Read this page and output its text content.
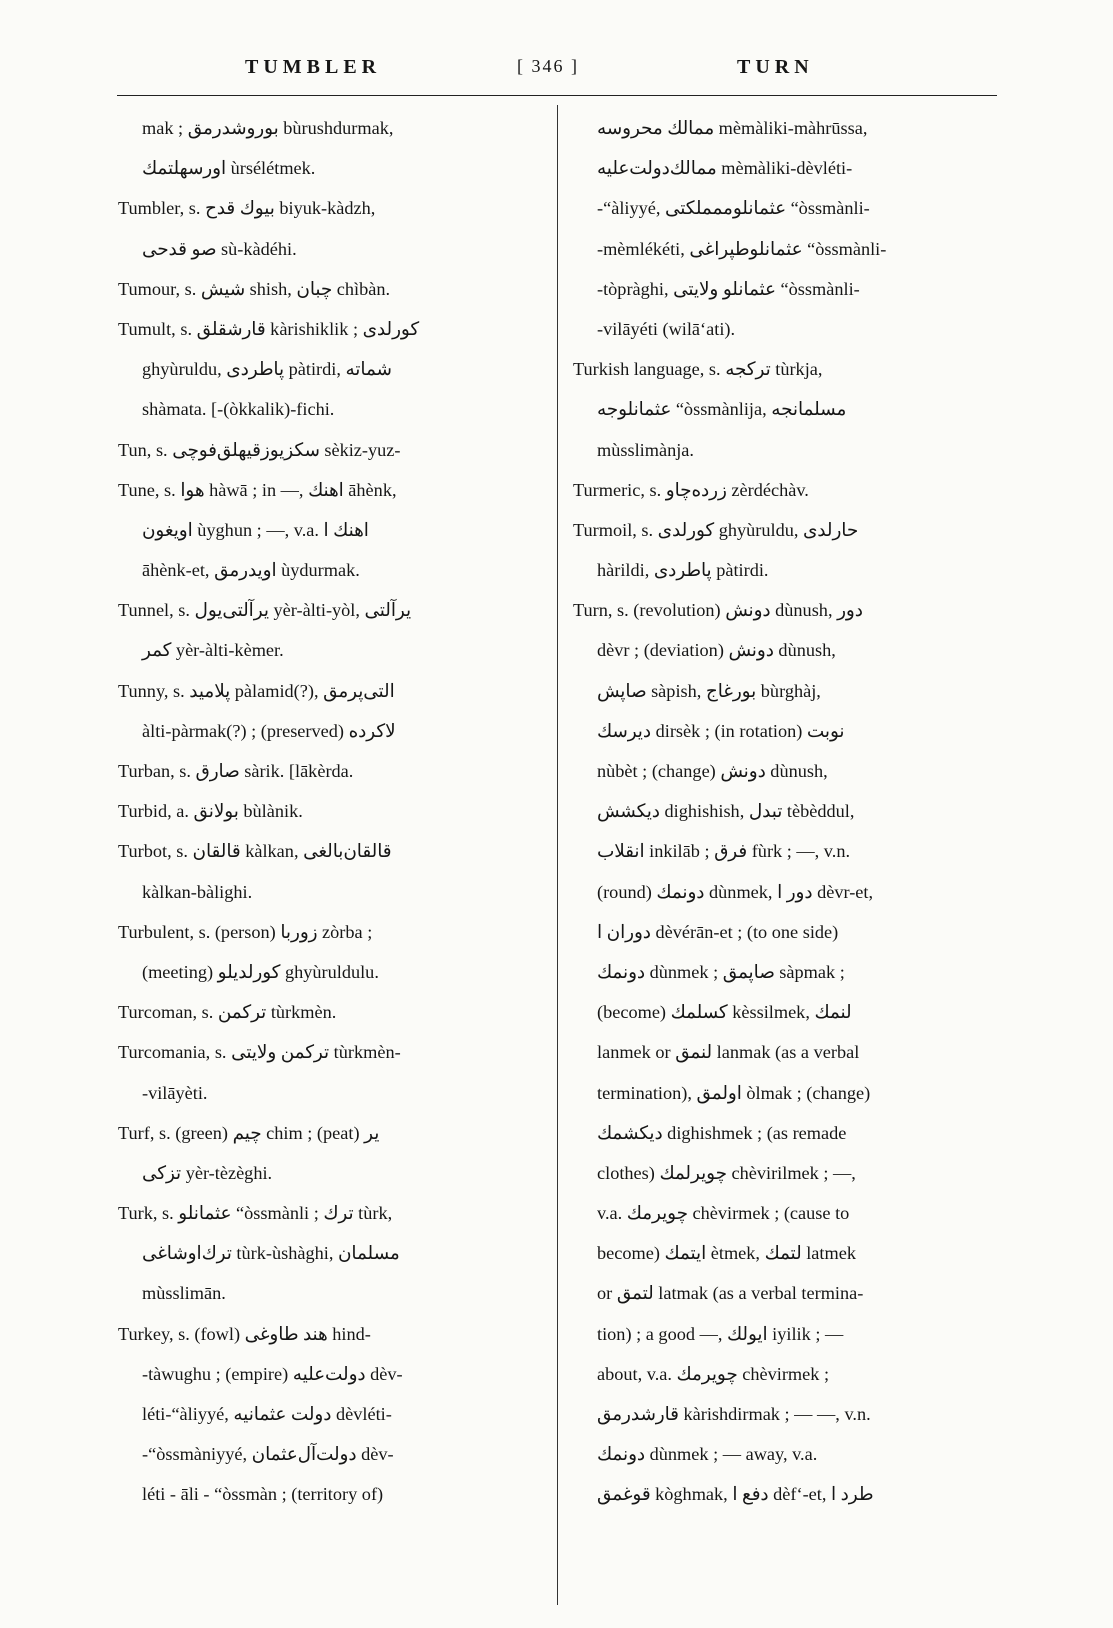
TUMBLER	[ 346 ]	TURN
mak ; بوروشدرمق bùrushdurmak,
اورسهلتمك ùrsélétmek.
Tumbler, s. بيوك قدح biyuk-kàdzh,
صو قدحى sù-kàdéhi.
Tumour, s. شيش shish, چبان chìbàn.
Tumult, s. قارشقلق kàrishiklik ; كورلدى
ghyùruldu, پاطردى pàtirdi, شماته
shàmata. [-(òkkalik)-fichi.
Tun, s. سكزيوزقيهلق‌فوچى sèkiz-yuz-
Tune, s. هوا hàwā ; in —, اهنك āhènk,
اويغون ùyghun ; —, v.a. اهنك ا
āhènk-et, اويدرمق ùydurmak.
Tunnel, s. يرآلتى‌يول yèr-àlti-yòl, يرآلتى
كمر yèr-àlti-kèmer.
Tunny, s. پلاميد pàlamid(?), التى‌پرمق
àlti-pàrmak(?) ; (preserved) لاكرده
Turban, s. صارق sàrik. [lākèrda.
Turbid, a. بولانق bùlànik.
Turbot, s. قالقان kàlkan, قالقان‌بالغى
kàlkan-bàlighi.
Turbulent, s. (person) زوربا zòrba ;
(meeting) كورلديلو ghyùruldulu.
Turcoman, s. تركمن tùrkmèn.
Turcomania, s. تركمن ولايتى tùrkmèn-
-vilāyèti.
Turf, s. (green) چيم chim ; (peat) ير
تزكى yèr-tèzèghi.
Turk, s. عثمانلو “òssmànli ; ترك tùrk,
ترك‌اوشاغى tùrk-ùshàghi, مسلمان
mùsslimān.
Turkey, s. (fowl) هند طاوغى hind-
-tàwughu ; (empire) دولت‌عليه dèv-
léti-“àliyyé, دولت عثمانيه dèvléti-
-“òssmàniyyé, دولت‌آل‌عثمان dèv-
léti - āli - “òssmàn ; (territory of)
ممالك محروسه mèmàliki-màhrūssa,
ممالك‌دولت‌عليه mèmàliki-dèvléti-
-“àliyyé, عثمانلوممملكتى “òssmànli-
-mèmlékéti, عثمانلوطپراغى “òssmànli-
-tòpràghi, عثمانلو ولايتى “òssmànli-
-vilāyéti (wilā‘ati).
Turkish language, s. تركجه tùrkja,
عثمانلوجه “òssmànlija, مسلمانجه
mùsslimànja.
Turmeric, s. زرده‌چاو zèrdéchàv.
Turmoil, s. كورلدى ghyùruldu, حارلدى
hàrildi, پاطردى pàtirdi.
Turn, s. (revolution) دونش dùnush, دور
dèvr ; (deviation) دونش dùnush,
صاپش sàpish, بورغاج bùrghàj,
ديرسك dirsèk ; (in rotation) نوبت
nùbèt ; (change) دونش dùnush,
ديكشش dighishish, تبدل tèbèddul,
انقلاب inkilāb ; فرق fùrk ; —, v.n.
(round) دونمك dùnmek, دور ا dèvr-et,
دوران ا dèvérān-et ; (to one side)
دونمك dùnmek ; صاپمق sàpmak ;
(become) كسلمك kèssilmek, لنمك
lanmek or لنمق lanmak (as a verbal
termination), اولمق òlmak ; (change)
ديكشمك dighishmek ; (as remade
clothes) چويرلمك chèvirilmek ; —,
v.a. چويرمك chèvirmek ; (cause to
become) ايتمك ètmek, لتمك latmek
or لتمق latmak (as a verbal termina-
tion) ; a good —, ايولك iyilik ; —
about, v.a. چويرمك chèvirmek ;
قارشدرمق kàrishdirmak ; — —, v.n.
دونمك dùnmek ; — away, v.a.
قوغمق kòghmak, دفع ا dèf‘-et, طرد ا
